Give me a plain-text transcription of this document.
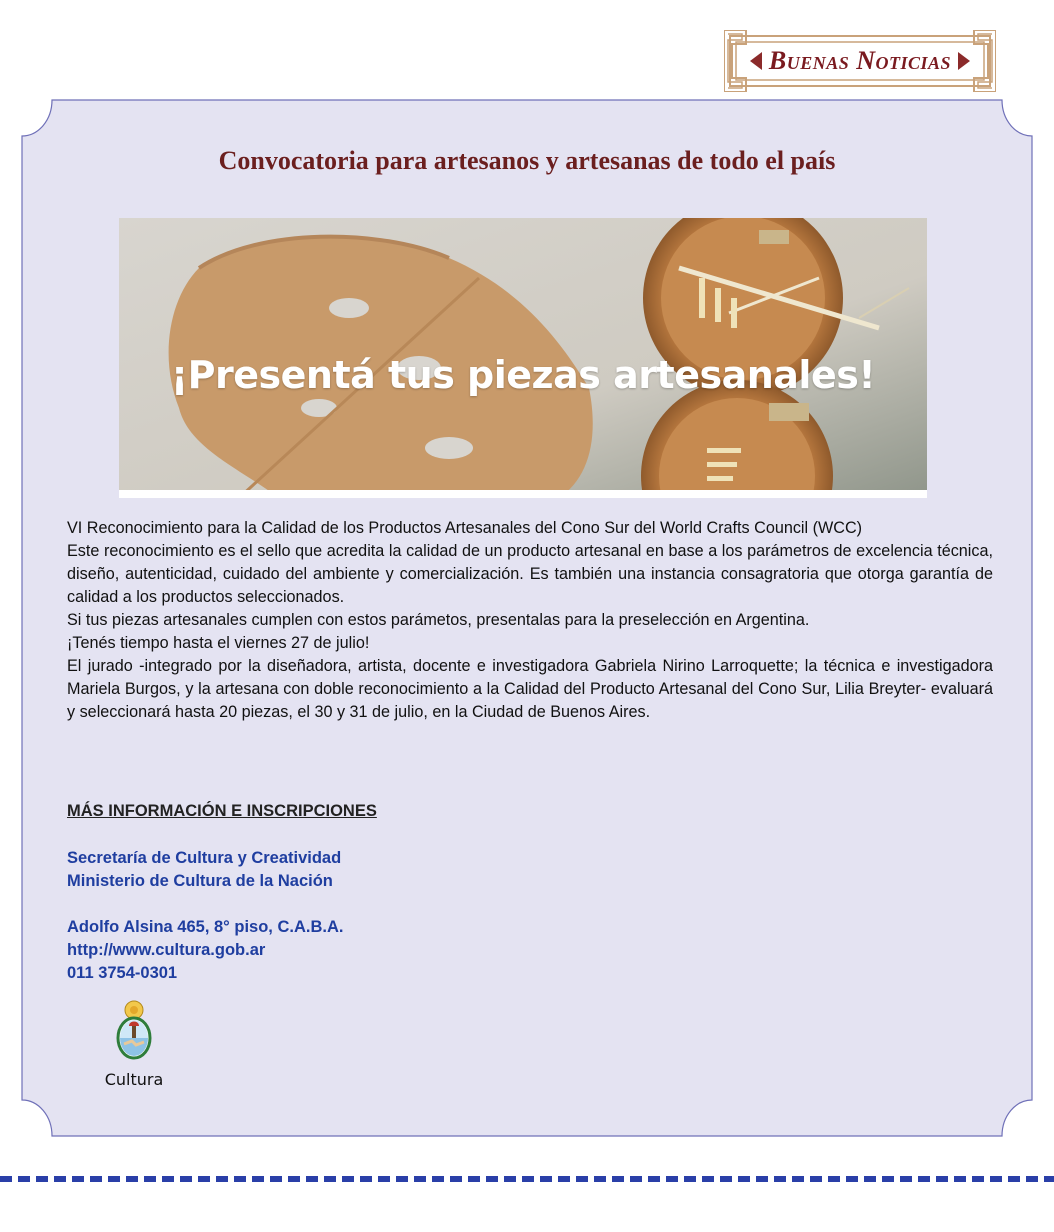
Buenas Noticias
Convocatoria para artesanos y artesanas de todo el país
¡Presentá tus piezas artesanales!

VI Reconocimiento para la Calidad de los Productos Artesanales del Cono Sur del World Crafts Council (WCC)

Este reconocimiento es el sello que acredita la calidad de un producto artesanal en base a los parámetros de excelencia técnica, diseño, autenticidad, cuidado del ambiente y comercialización. Es también una instancia consagratoria que otorga garantía de calidad a los productos seleccionados.

Si tus piezas artesanales cumplen con estos parámetos, presentalas para la preselección en Argentina.

¡Tenés tiempo hasta el viernes 27 de julio!

El jurado -integrado por la diseñadora, artista, docente e investigadora Gabriela Nirino Larroquette; la técnica e investigadora Mariela Burgos, y la artesana con doble reconocimiento a la Calidad del Producto Artesanal del Cono Sur, Lilia Breyter- evaluará y seleccionará hasta 20 piezas, el 30 y 31 de julio, en la Ciudad de Buenos Aires.

MÁS INFORMACIÓN E INSCRIPCIONES
Secretaría de Cultura y Creatividad
Ministerio de Cultura de la Nación
Adolfo Alsina 465, 8° piso, C.A.B.A.
http://www.cultura.gob.ar
011 3754-0301
Cultura
